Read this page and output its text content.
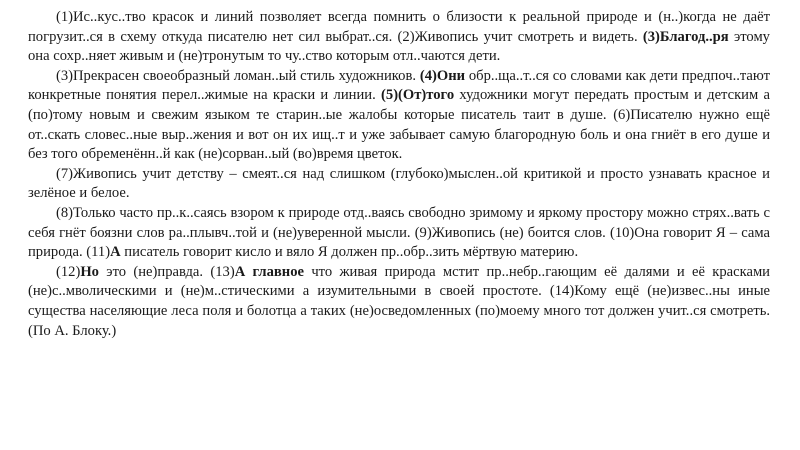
(1)Ис..кус..тво красок и линий позволяет всегда помнить о близости к реальной природе и (н..)когда не даёт погрузит..ся в схему откуда писателю нет сил выбрат..ся. (2)Живопись учит смотреть и видеть. (3)Благод..ря этому она сохр..няет живым и (не)тронутым то чу..ство которым отл..чаются дети.

(3)Прекрасен своеобразный ломан..ый стиль художников. (4)Они обр..ща..т..ся со словами как дети предпоч..тают конкретные понятия перел..жимые на краски и линии. (5)(От)того художники могут передать простым и детским а (по)тому новым и свежим языком те старин..ые жалобы которые писатель таит в душе. (6)Писателю нужно ещё от..скать словес..ные выр..жения и вот он их ищ..т и уже забывает самую благородную боль и она гниёт в его душе и без того обременённ..й как (не)сорван..ый (во)время цветок.

(7)Живопись учит детству – смеят..ся над слишком (глубоко)мыслен..ой критикой и просто узнавать красное и зелёное и белое.

(8)Только часто пр..к..саясь взором к природе отд..ваясь свободно зримому и яркому простору можно стрях..вать с себя гнёт боязни слов ра..плывч..той и (не)уверенной мысли. (9)Живопись (не) боится слов. (10)Она говорит Я – сама природа. (11)А писатель говорит кисло и вяло Я должен пр..обр..зить мёртвую материю.

(12)Но это (не)правда. (13)А главное что живая природа мстит пр..небр..гающим её далями и её красками (не)с..мволическими и (не)м..стическими а изумительными в своей простоте. (14)Кому ещё (не)извес..ны иные существа населяющие леса поля и болотца а таких (не)осведомленных (по)моему много тот должен учит..ся смотреть. (По А. Блоку.)
